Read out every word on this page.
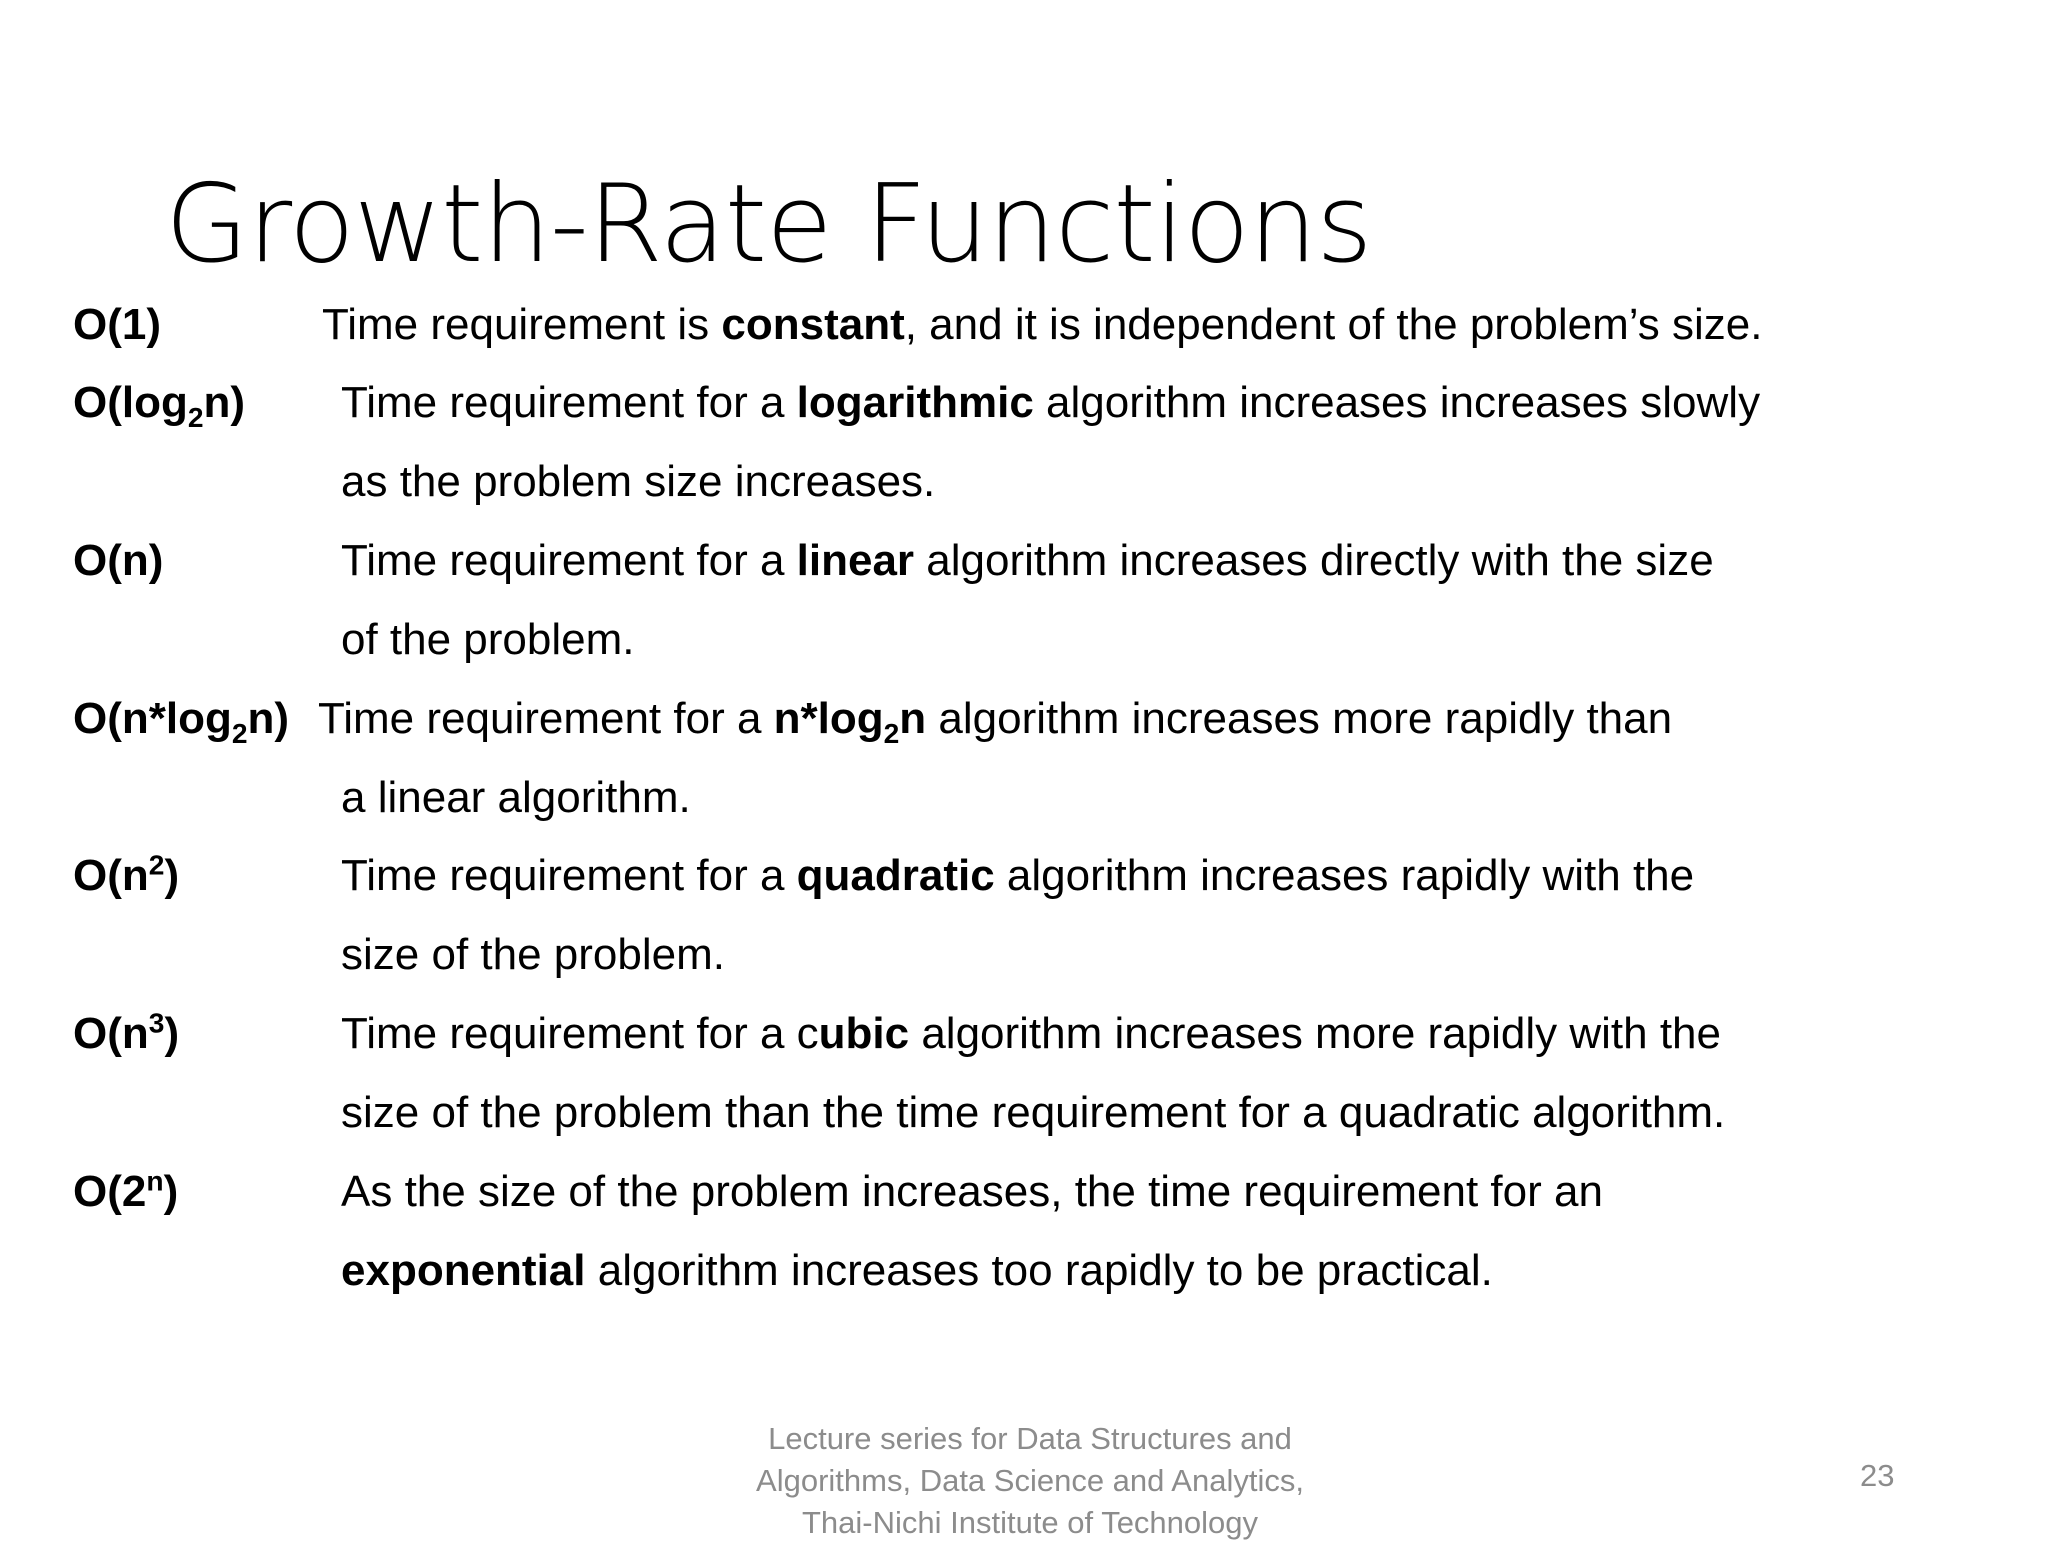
Growth-Rate Functions
O(1)	Time requirement is constant, and it is independent of the problem’s size.
$O(\log_2n)$ Time requirement for a logarithmic algorithm increases increases slowly
as the problem size increases.
O(n)	Time requirement for a linear algorithm increases directly with the size
of the problem.
$O(n*\log_2n)$ Time requirement for a $n*\log_2n$ algorithm increases more rapidly than
a linear algorithm.
$O(n^2)$	Time requirement for a quadratic algorithm increases rapidly with the
size of the problem.
$O(n^3)$	Time requirement for a cubic algorithm increases more rapidly with the
size of the problem than the time requirement for a quadratic algorithm.
O(2$^n$)	As the size of the problem increases, the time requirement for an
exponential algorithm increases too rapidly to be practical.
Lecture series for Data Structures and
Algorithms, Data Science and Analytics,
Thai-Nichi Institute of Technology
23
